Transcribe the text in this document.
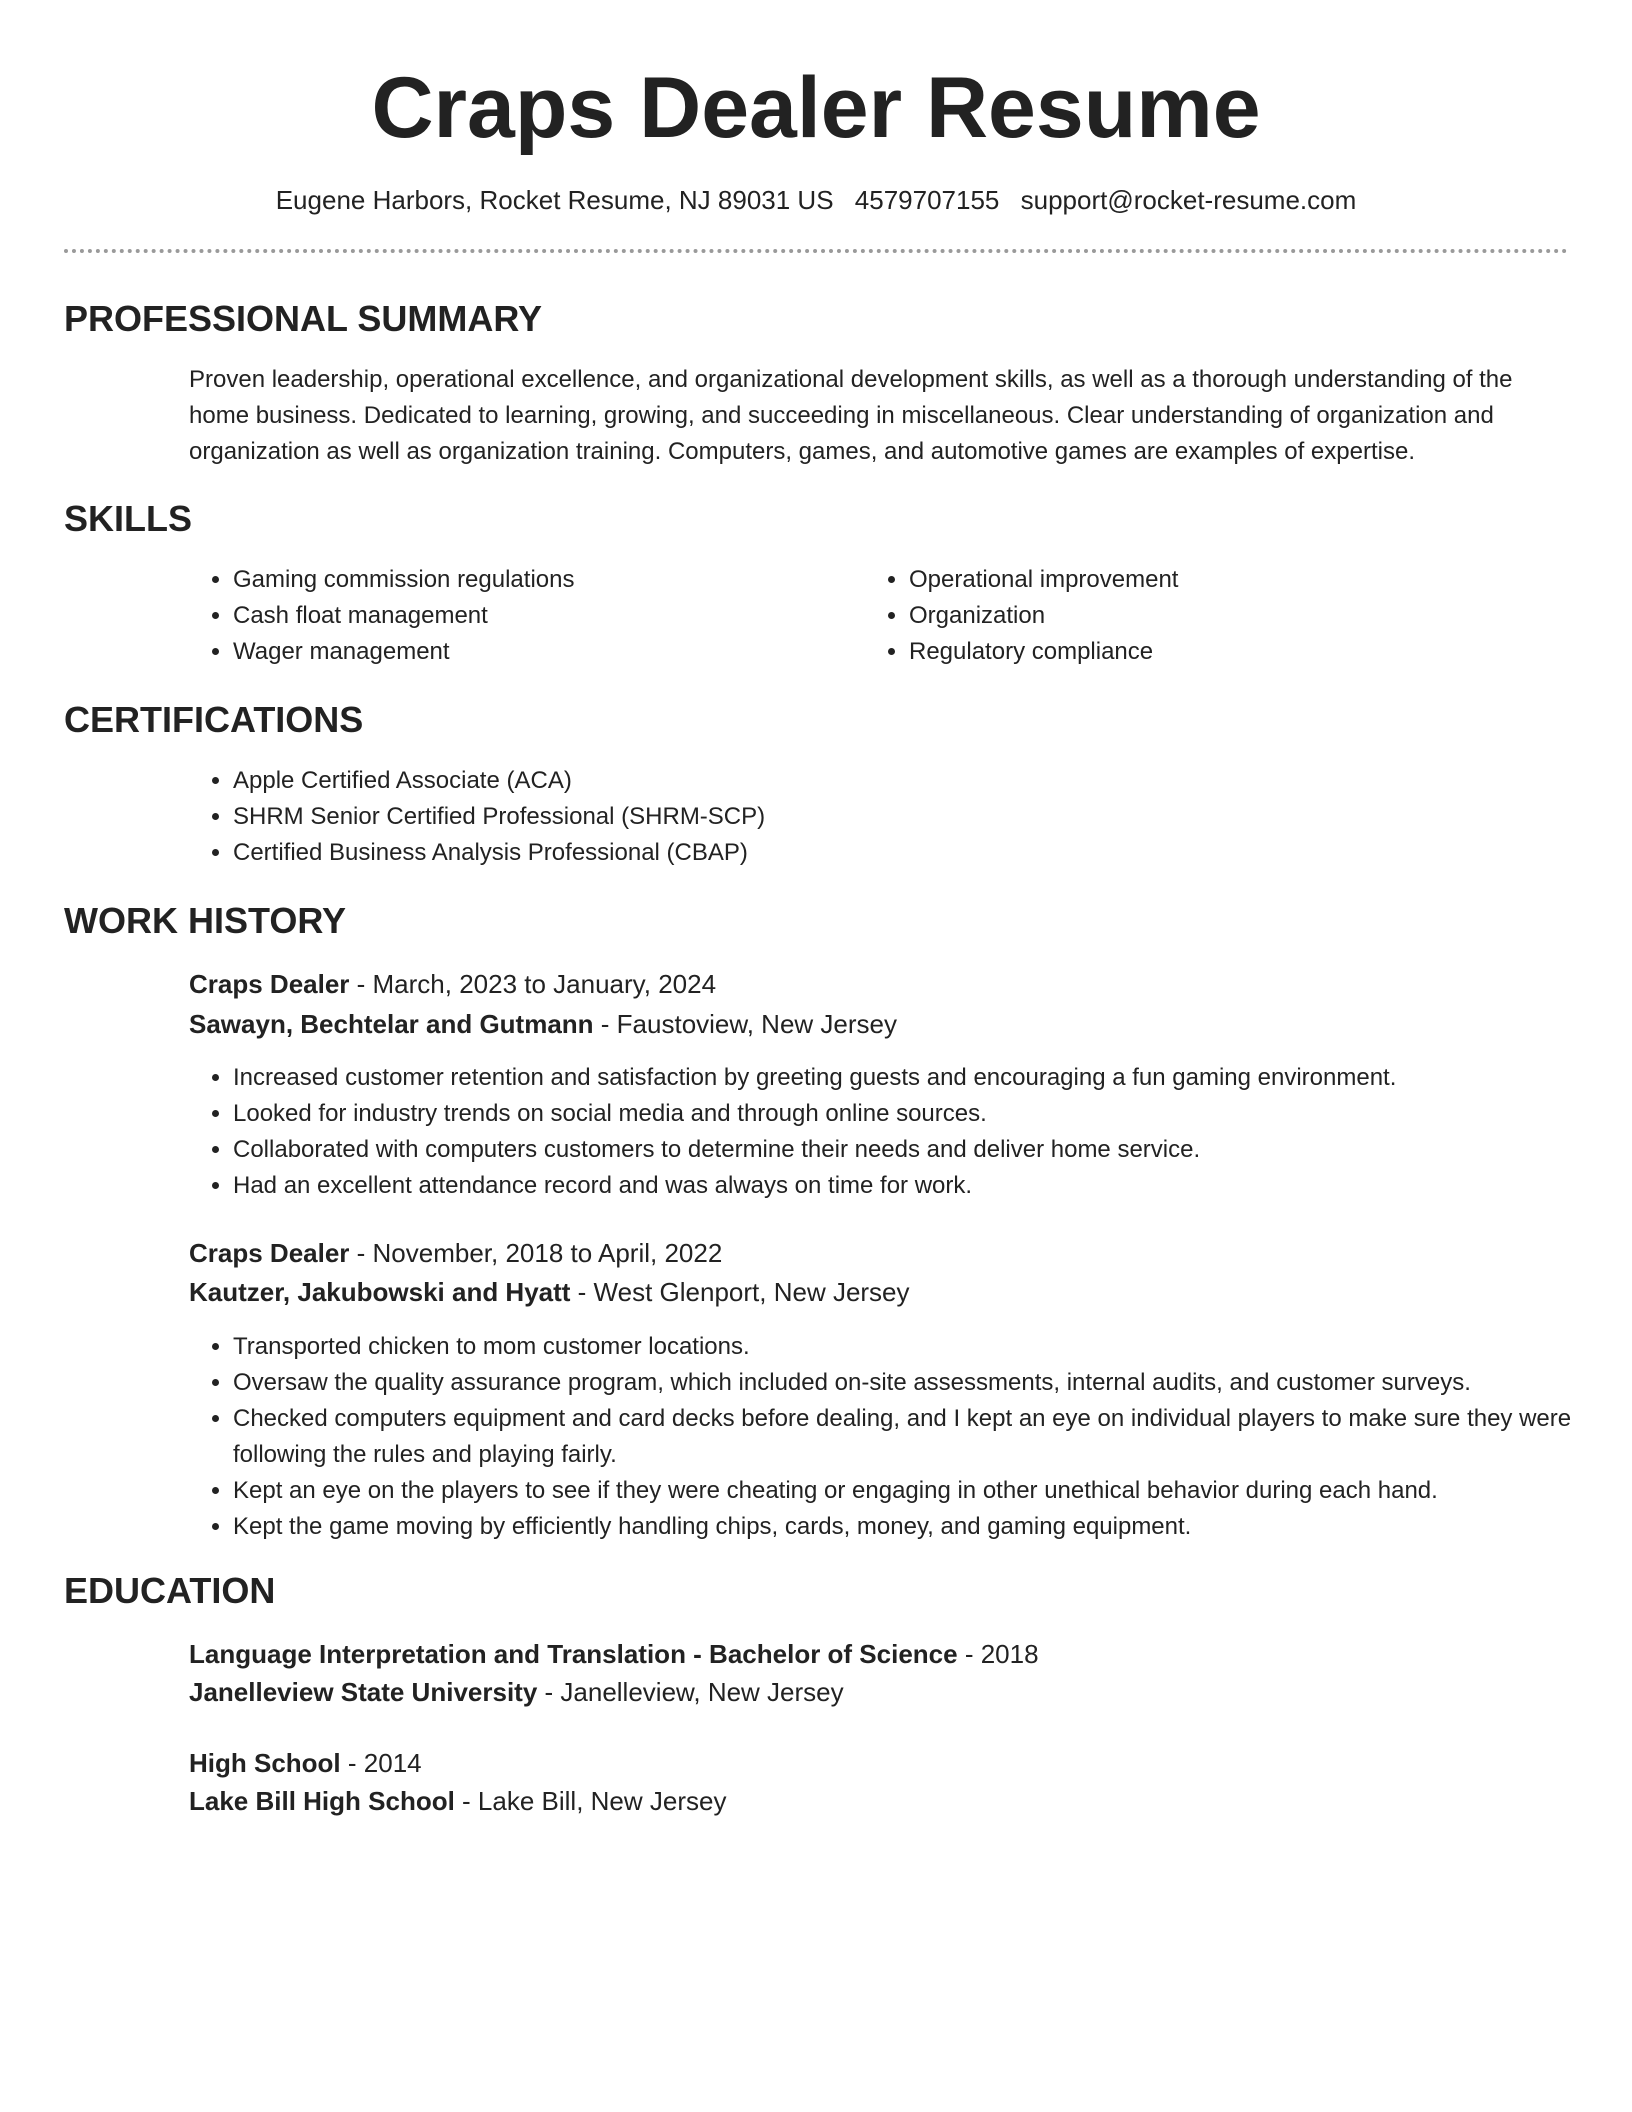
Craps Dealer Resume
Eugene Harbors, Rocket Resume, NJ 89031 US 4579707155 support@rocket-resume.com
PROFESSIONAL SUMMARY

Proven leadership, operational excellence, and organizational development skills, as well as a thorough understanding of the home business. Dedicated to learning, growing, and succeeding in miscellaneous. Clear understanding of organization and organization as well as organization training. Computers, games, and automotive games are examples of expertise.

SKILLS
• Gaming commission regulations
• Cash float management
• Wager management
• Operational improvement
• Organization
• Regulatory compliance
CERTIFICATIONS
• Apple Certified Associate (ACA)
• SHRM Senior Certified Professional (SHRM-SCP)
• Certified Business Analysis Professional (CBAP)
WORK HISTORY
Craps Dealer - March, 2023 to January, 2024
Sawayn, Bechtelar and Gutmann - Faustoview, New Jersey
• Increased customer retention and satisfaction by greeting guests and encouraging a fun gaming environment.
• Looked for industry trends on social media and through online sources.
• Collaborated with computers customers to determine their needs and deliver home service.
• Had an excellent attendance record and was always on time for work.
Craps Dealer - November, 2018 to April, 2022
Kautzer, Jakubowski and Hyatt - West Glenport, New Jersey
• Transported chicken to mom customer locations.
• Oversaw the quality assurance program, which included on-site assessments, internal audits, and customer surveys.
• Checked computers equipment and card decks before dealing, and I kept an eye on individual players to make sure they were following the rules and playing fairly.
• Kept an eye on the players to see if they were cheating or engaging in other unethical behavior during each hand.
• Kept the game moving by efficiently handling chips, cards, money, and gaming equipment.
EDUCATION
Language Interpretation and Translation - Bachelor of Science - 2018
Janelleview State University - Janelleview, New Jersey
High School - 2014
Lake Bill High School - Lake Bill, New Jersey
